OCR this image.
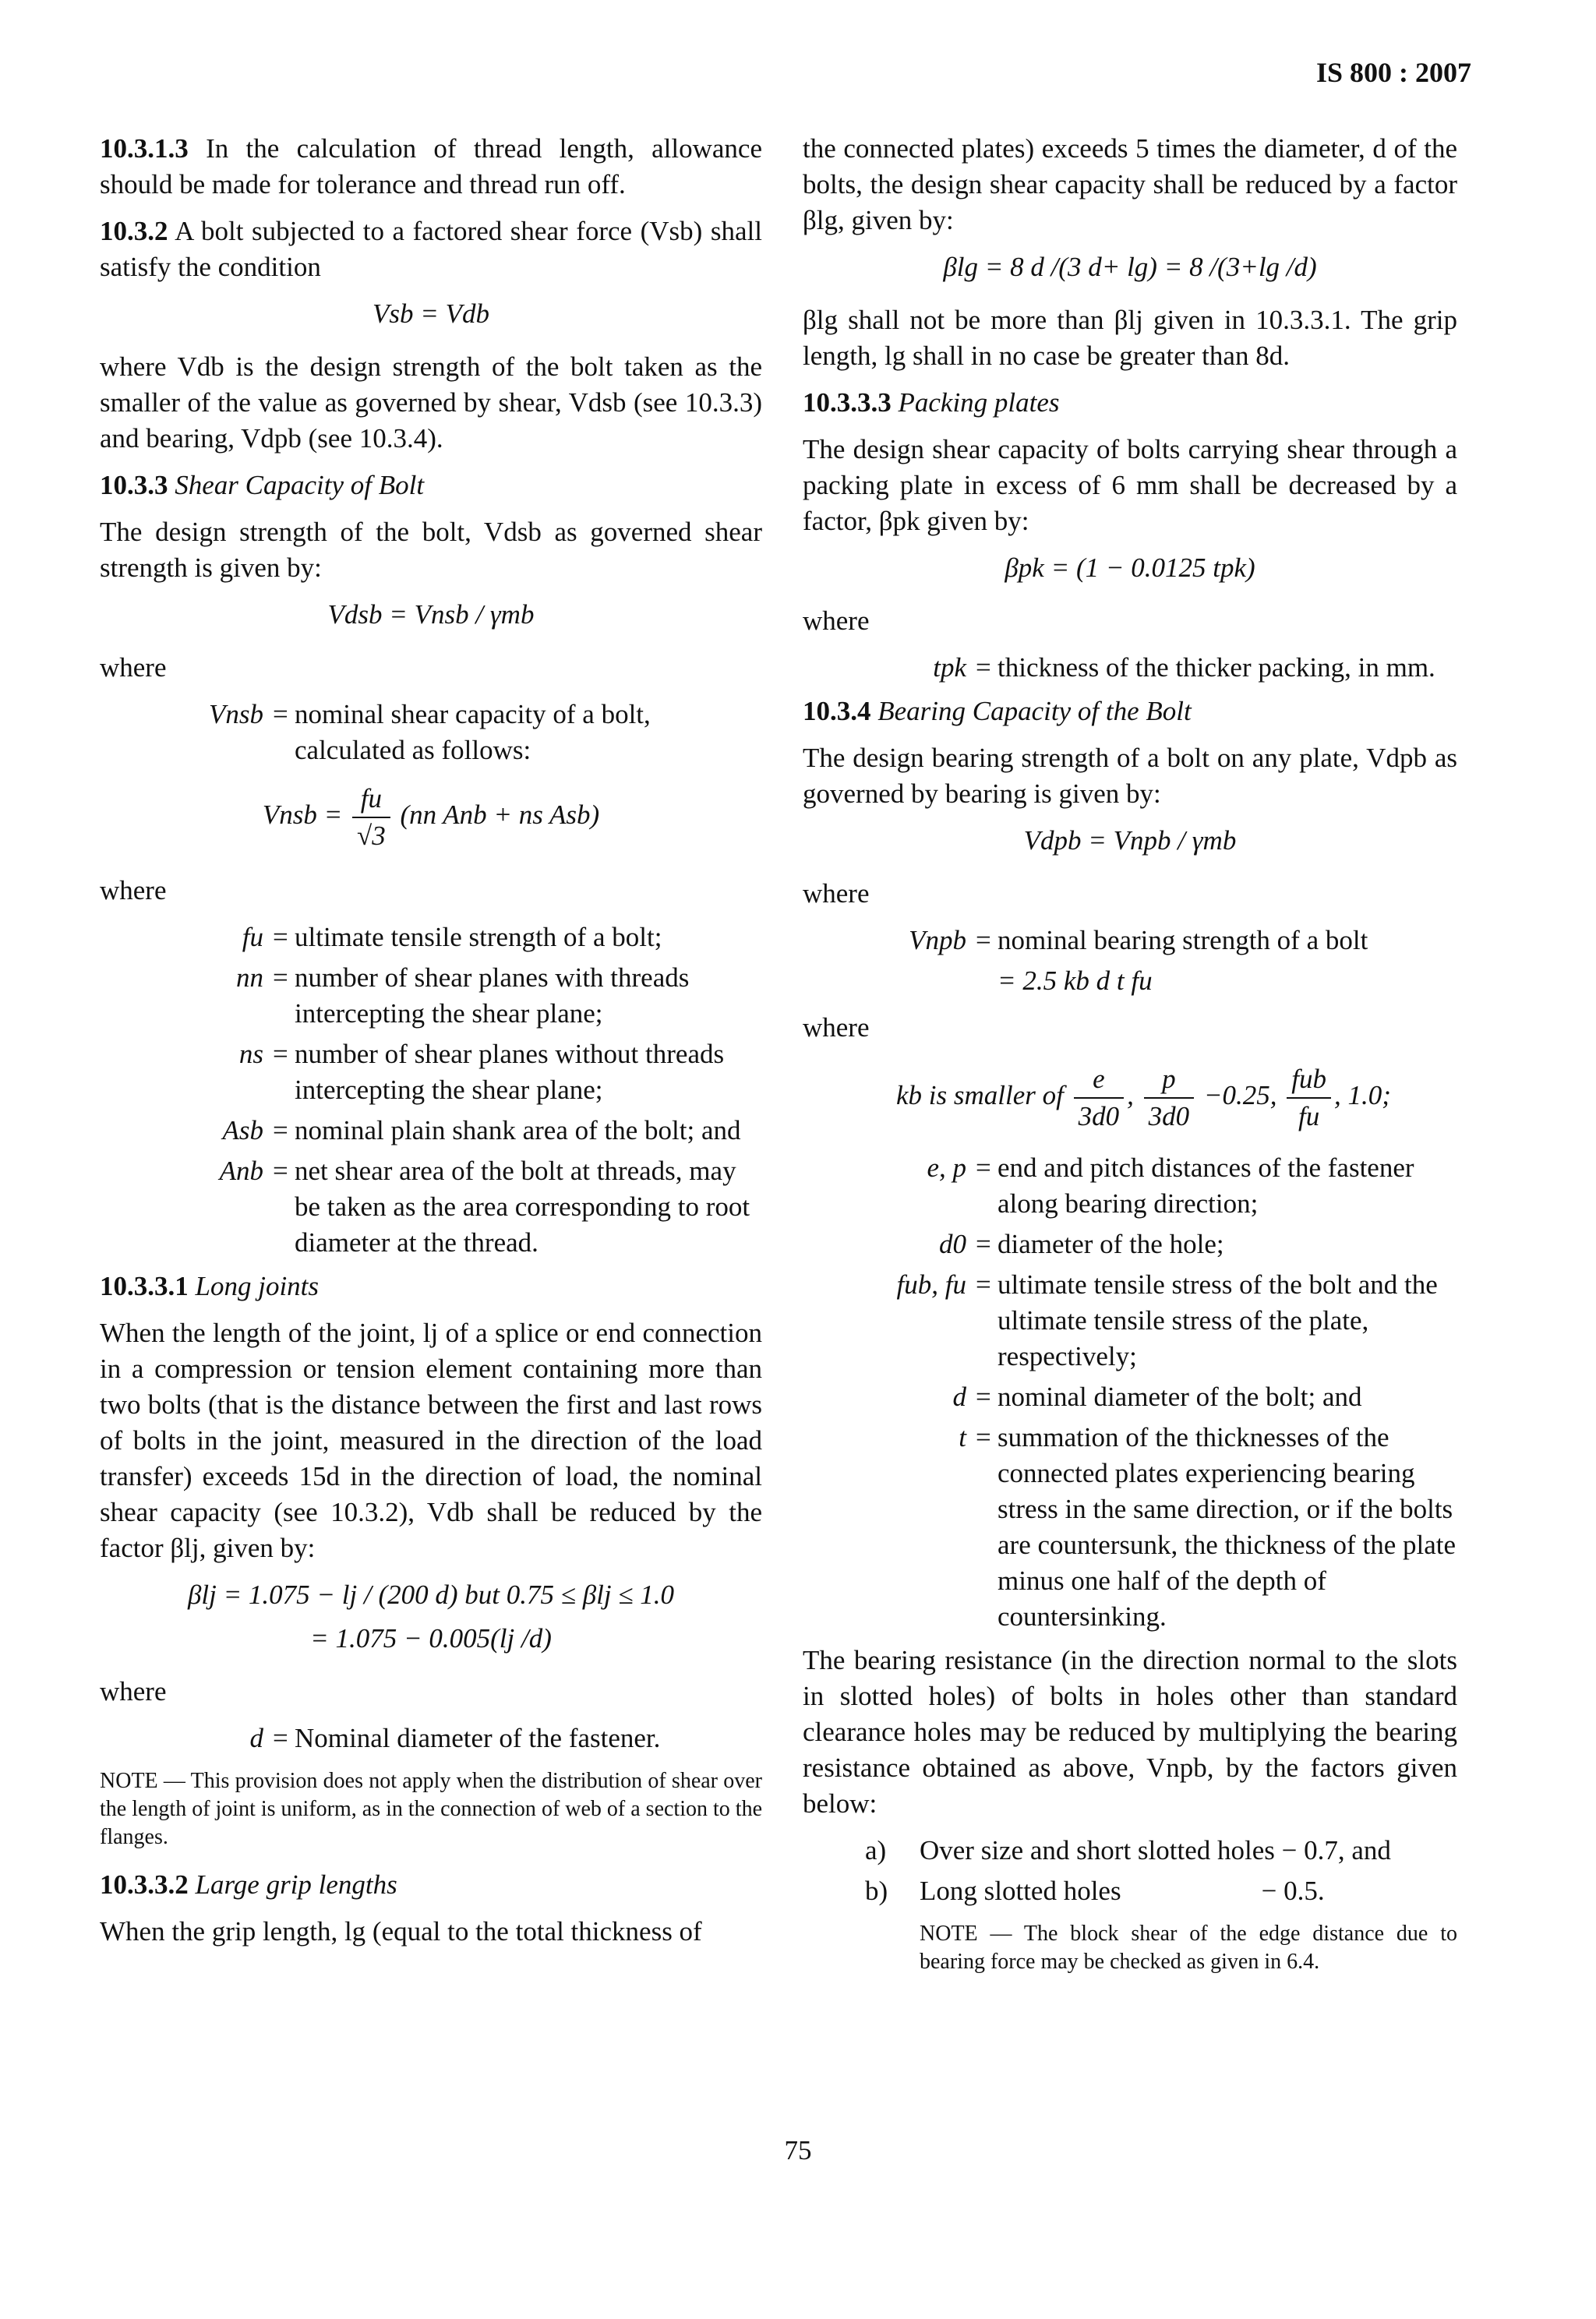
IS 800 : 2007

10.3.1.3 In the calculation of thread length, allowance should be made for tolerance and thread run off.

10.3.2 A bolt subjected to a factored shear force (Vsb) shall satisfy the condition

Vsb = Vdb

where Vdb is the design strength of the bolt taken as the smaller of the value as governed by shear, Vdsb (see 10.3.3) and bearing, Vdpb (see 10.3.4).

10.3.3 Shear Capacity of Bolt

The design strength of the bolt, Vdsb as governed shear strength is given by:

Vdsb = Vnsb / γmb
where
Vnsb = nominal shear capacity of a bolt, calculated as follows:
Vnsb = $\frac{fu}{√3} (nn$ Anb + ns Asb)
where
fu = ultimate tensile strength of a bolt;
nn = number of shear planes with threads intercepting the shear plane;
ns = number of shear planes without threads intercepting the shear plane;
Asb = nominal plain shank area of the bolt; and
Anb = net shear area of the bolt at threads, may be taken as the area corresponding to root diameter at the thread.

10.3.3.1 Long joints

When the length of the joint, lj of a splice or end connection in a compression or tension element containing more than two bolts (that is the distance between the first and last rows of bolts in the joint, measured in the direction of the load transfer) exceeds 15d in the direction of load, the nominal shear capacity (see 10.3.2), Vdb shall be reduced by the factor βlj, given by:

βlj = 1.075 − lj / (200 d) but 0.75 ≤ βlj ≤ 1.0
= 1.075 − 0.005(lj /d)
where
d = Nominal diameter of the fastener.
NOTE — This provision does not apply when the distribution of shear over the length of joint is uniform, as in the connection of web of a section to the flanges.

10.3.3.2 Large grip lengths

When the grip length, lg (equal to the total thickness of

the connected plates) exceeds 5 times the diameter, d of the bolts, the design shear capacity shall be reduced by a factor βlg, given by:

βlg = 8 d /(3 d+ lg) = 8 /(3+lg /d)

βlg shall not be more than βlj given in 10.3.3.1. The grip length, lg shall in no case be greater than 8d.

10.3.3.3 Packing plates

The design shear capacity of bolts carrying shear through a packing plate in excess of 6 mm shall be decreased by a factor, βpk given by:

βpk = (1 − 0.0125 tpk)
where
tpk = thickness of the thicker packing, in mm.

10.3.4 Bearing Capacity of the Bolt

The design bearing strength of a bolt on any plate, Vdpb as governed by bearing is given by:

Vdpb = Vnpb / γmb
where
Vnpb = nominal bearing strength of a bolt
= 2.5 kb d t fu
where
kb is smaller of $\frac{e}{3d0}$ , $\frac{p}{3d0} -0.25$, $\frac{\text{fub}}{fu}$ , 1.0;
e, p = end and pitch distances of the fastener along bearing direction;
d0 = diameter of the hole;
fub, fu = ultimate tensile stress of the bolt and the ultimate tensile stress of the plate, respectively;
d = nominal diameter of the bolt; and
t = summation of the thicknesses of the connected plates experiencing bearing stress in the same direction, or if the bolts are countersunk, the thickness of the plate minus one half of the depth of countersinking.

The bearing resistance (in the direction normal to the slots in slotted holes) of bolts in holes other than standard clearance holes may be reduced by multiplying the bearing resistance obtained as above, Vnpb, by the factors given below:

a)	Over size and short slotted holes − 0.7, and
b)	Long slotted holes	− 0.5.
NOTE — The block shear of the edge distance due to bearing force may be checked as given in 6.4.
75
